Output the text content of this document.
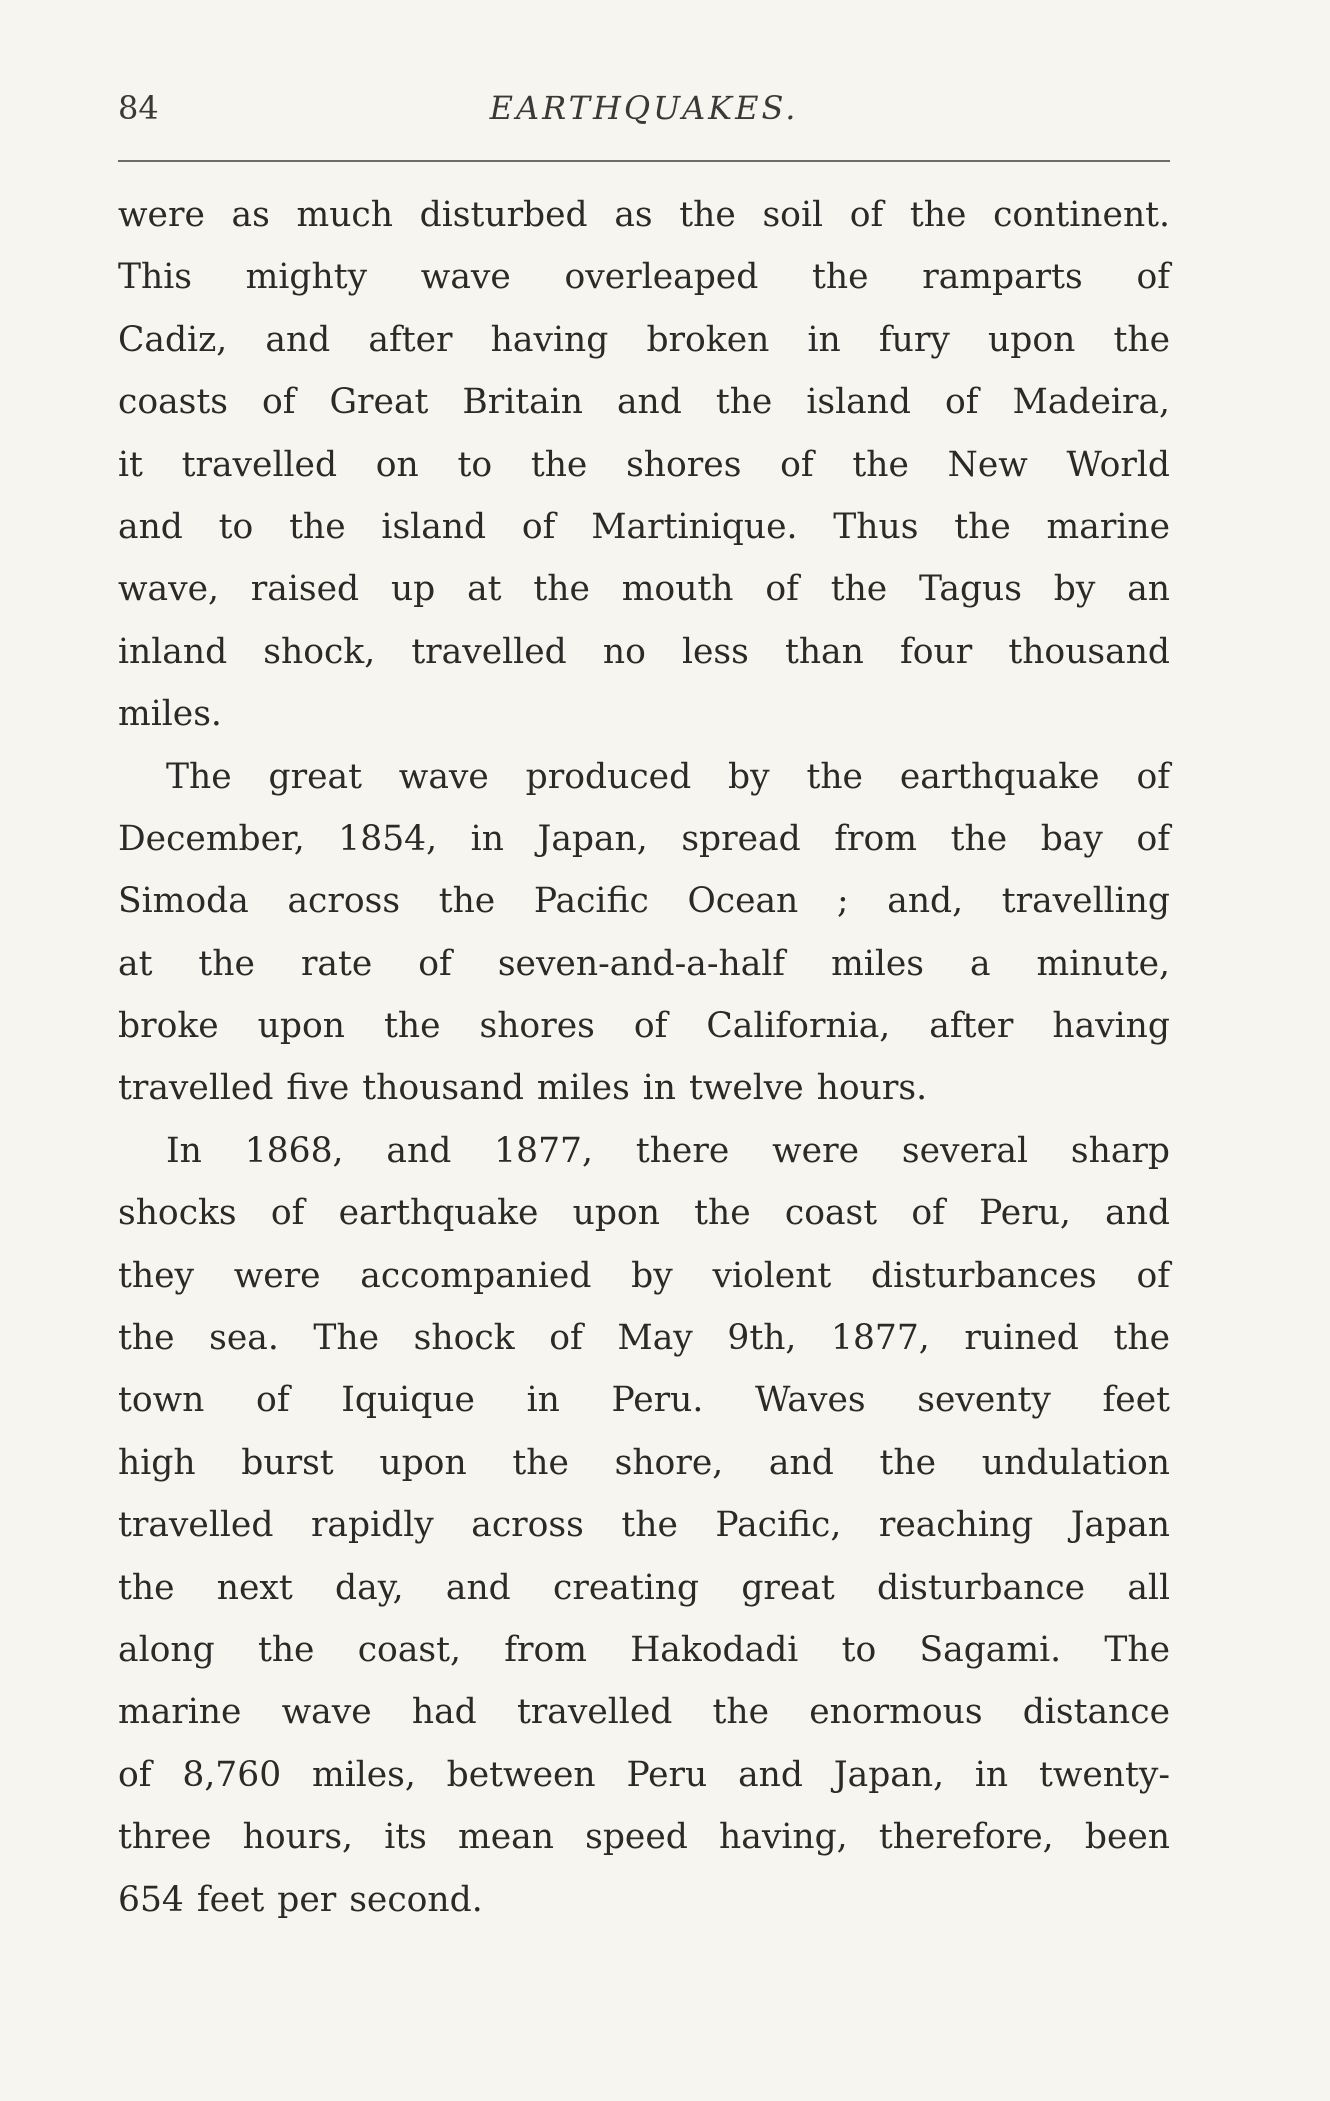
84	EARTHQUAKES.
were as much disturbed as the soil of the continent.
This mighty wave overleaped the ramparts of
Cadiz, and after having broken in fury upon the
coasts of Great Britain and the island of Madeira,
it travelled on to the shores of the New World
and to the island of Martinique. Thus the marine
wave, raised up at the mouth of the Tagus by an
inland shock, travelled no less than four thousand
miles.
The great wave produced by the earthquake of
December, 1854, in Japan, spread from the bay of
Simoda across the Pacific Ocean ; and, travelling
at the rate of seven-and-a-half miles a minute,
broke upon the shores of California, after having
travelled five thousand miles in twelve hours.
In 1868, and 1877, there were several sharp
shocks of earthquake upon the coast of Peru, and
they were accompanied by violent disturbances of
the sea. The shock of May 9th, 1877, ruined the
town of Iquique in Peru. Waves seventy feet
high burst upon the shore, and the undulation
travelled rapidly across the Pacific, reaching Japan
the next day, and creating great disturbance all
along the coast, from Hakodadi to Sagami. The
marine wave had travelled the enormous distance
of 8,760 miles, between Peru and Japan, in twenty-
three hours, its mean speed having, therefore, been
654 feet per second.
